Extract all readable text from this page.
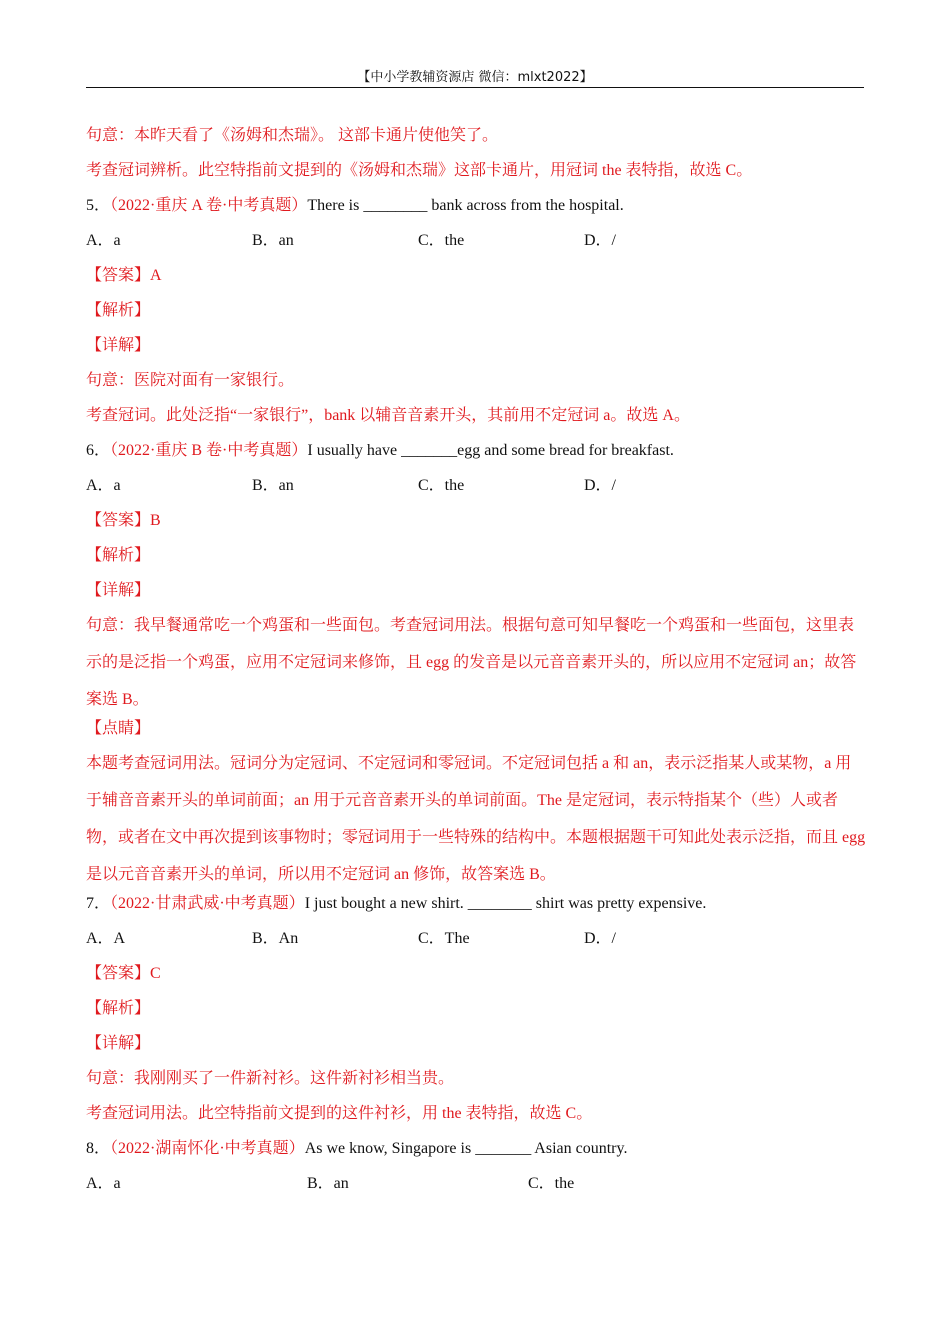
【中小学教辅资源店 微信：mlxt2022】
句意：本昨天看了《汤姆和杰瑞》。 这部卡通片使他笑了。
考查冠词辨析。此空特指前文提到的《汤姆和杰瑞》这部卡通片，用冠词 the 表特指，故选 C。
5．（2022·重庆 A 卷·中考真题）There is ________ bank across from the hospital.
A．a	B．an	C．the	D．/
【答案】A
【解析】
【详解】
句意：医院对面有一家银行。
考查冠词。此处泛指“一家银行”，bank 以辅音音素开头，其前用不定冠词 a。故选 A。
6．（2022·重庆 B 卷·中考真题）I usually have _______egg and some bread for breakfast.
A．a	B．an	C．the	D．/
【答案】B
【解析】
【详解】

句意：我早餐通常吃一个鸡蛋和一些面包。考查冠词用法。根据句意可知早餐吃一个鸡蛋和一些面包，这里表示的是泛指一个鸡蛋，应用不定冠词来修饰，且 egg 的发音是以元音音素开头的，所以应用不定冠词 an；故答案选 B。

【点睛】

本题考查冠词用法。冠词分为定冠词、不定冠词和零冠词。不定冠词包括 a 和 an，表示泛指某人或某物，a 用于辅音音素开头的单词前面；an 用于元音音素开头的单词前面。The 是定冠词，表示特指某个（些）人或者物，或者在文中再次提到该事物时；零冠词用于一些特殊的结构中。本题根据题干可知此处表示泛指，而且 egg 是以元音音素开头的单词，所以用不定冠词 an 修饰，故答案选 B。

7．（2022·甘肃武威·中考真题）I just bought a new shirt. ________ shirt was pretty expensive.
A．A	B．An	C．The	D．/
【答案】C
【解析】
【详解】
句意：我刚刚买了一件新衬衫。这件新衬衫相当贵。
考查冠词用法。此空特指前文提到的这件衬衫，用 the 表特指，故选 C。
8．（2022·湖南怀化·中考真题）As we know, Singapore is _______ Asian country.
A．a	B．an	C．the
